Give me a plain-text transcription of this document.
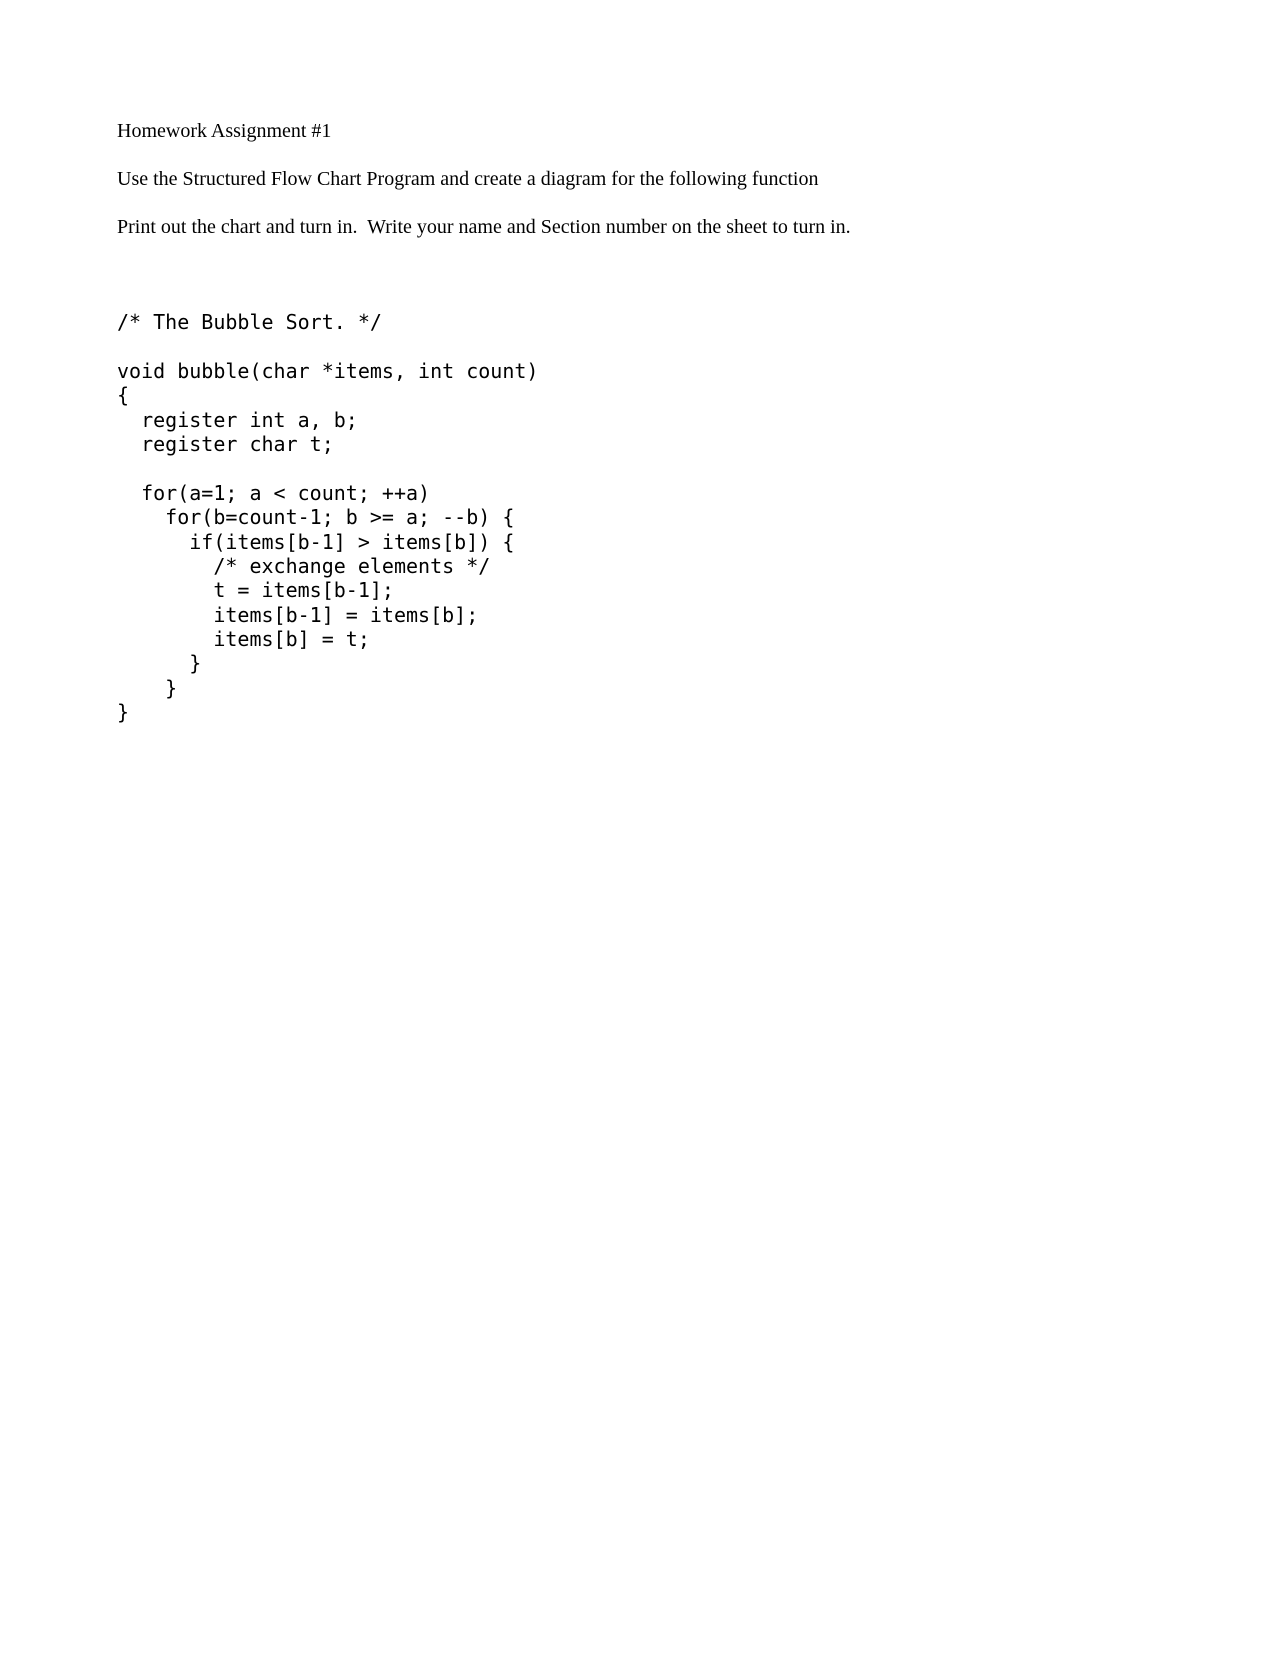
Homework Assignment #1

Use the Structured Flow Chart Program and create a diagram for the following function

Print out the chart and turn in.  Write your name and Section number on the sheet to turn in.

/* The Bubble Sort. */
void bubble(char *items, int count)
{
register int a, b;
register char t;
for(a=1; a < count; ++a)
for(b=count-1; b >= a; --b) {
if(items[b-1] > items[b]) {
/* exchange elements */
t = items[b-1];
items[b-1] = items[b];
items[b] = t;
}
}
}
